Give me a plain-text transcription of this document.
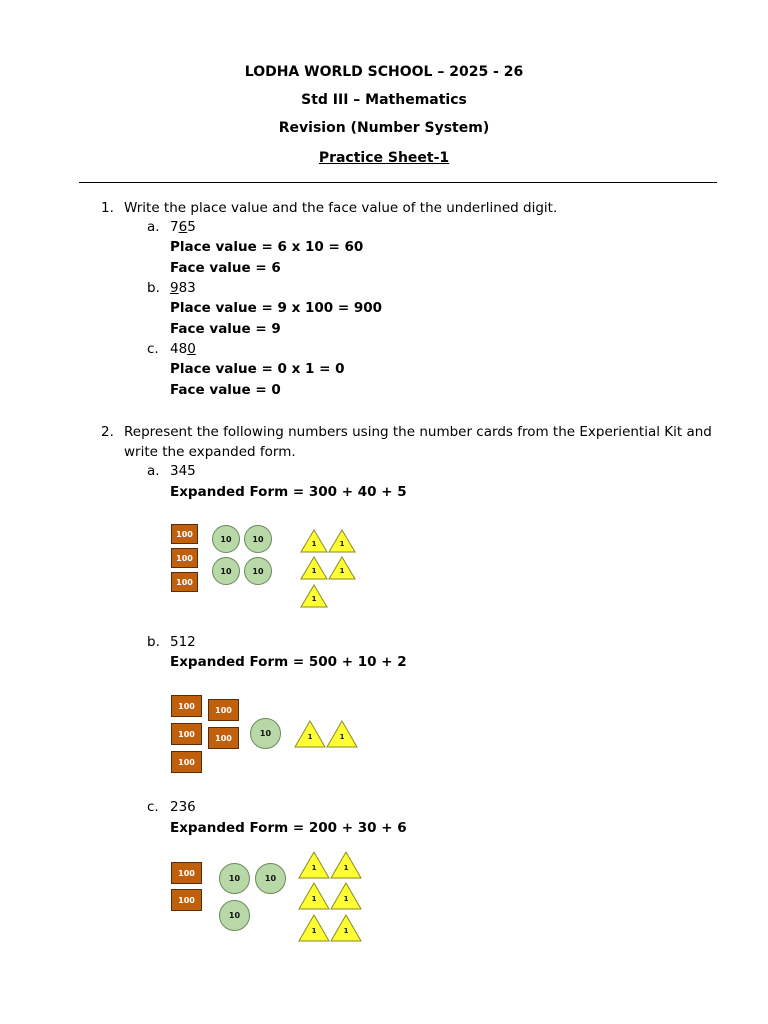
LODHA WORLD SCHOOL – 2025 - 26
Std III – Mathematics
Revision (Number System)
Practice Sheet-1
1. Write the place value and the face value of the underlined digit.
a. 765
Place value = 6 x 10 = 60
Face value = 6
b. 983
Place value = 9 x 100 = 900
Face value = 9
c. 480
Place value = 0 x 1 = 0
Face value = 0
2. Represent the following numbers using the number cards from the Experiential Kit and write the expanded form.
a. 345
Expanded Form = 300 + 40 + 5
100
100
100
10	10
10	10
1	1
1	1
1
b. 512
Expanded Form = 500 + 10 + 2
100
100
100
100
100	10	1	1
c. 236
Expanded Form = 200 + 30 + 6
100
100
10	10
10
1	1
1	1
1	1
